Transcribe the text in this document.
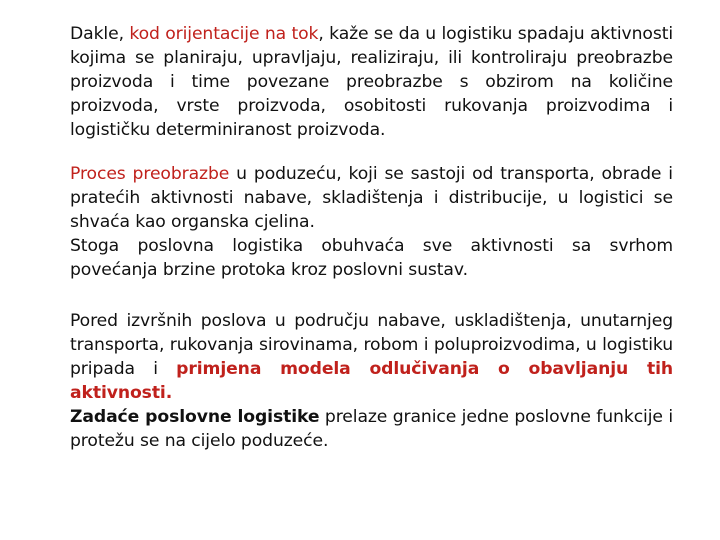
Dakle, kod orijentacije na tok, kaže se da u logistiku spadaju aktivnosti kojima se planiraju, upravljaju, realiziraju, ili kontroliraju preobrazbe proizvoda i time povezane preobrazbe s obzirom na količine proizvoda, vrste proizvoda, osobitosti rukovanja proizvodima i logističku determiniranost proizvoda.

Proces preobrazbe u poduzeću, koji se sastoji od transporta, obrade i pratećih aktivnosti nabave, skladištenja i distribucije, u logistici se shvaća kao organska cjelina.

Stoga poslovna logistika obuhvaća sve aktivnosti sa svrhom povećanja brzine protoka kroz poslovni sustav.

Pored izvršnih poslova u području nabave, uskladištenja, unutarnjeg transporta, rukovanja sirovinama, robom i poluproizvodima, u logistiku pripada i primjena modela odlučivanja o obavljanju tih aktivnosti.

Zadaće poslovne logistike prelaze granice jedne poslovne funkcije i protežu se na cijelo poduzeće.
